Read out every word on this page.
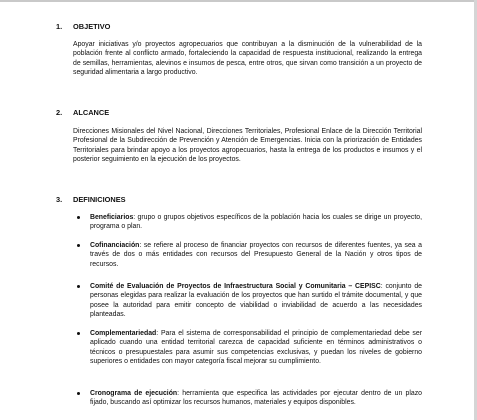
1. OBJETIVO
Apoyar iniciativas y/o proyectos agropecuarios que contribuyan a la disminución de la vulnerabilidad de la población frente al conflicto armado, fortaleciendo la capacidad de respuesta institucional, realizando la entrega de semillas, herramientas, alevinos e insumos de pesca, entre otros, que sirvan como transición a un proyecto de seguridad alimentaria a largo productivo.
2. ALCANCE
Direcciones Misionales del Nivel Nacional, Direcciones Territoriales, Profesional Enlace de la Dirección Territorial Profesional de la Subdirección de Prevención y Atención de Emergencias. Inicia con la priorización de Entidades Territoriales para brindar apoyo a los proyectos agropecuarios, hasta la entrega de los productos e insumos y el posterior seguimiento en la ejecución de los proyectos.
3. DEFINICIONES
Beneficiarios: grupo o grupos objetivos específicos de la población hacia los cuales se dirige un proyecto, programa o plan.
Cofinanciación: se refiere al proceso de financiar proyectos con recursos de diferentes fuentes, ya sea a través de dos o más entidades con recursos del Presupuesto General de la Nación y otros tipos de recursos.
Comité de Evaluación de Proyectos de Infraestructura Social y Comunitaria – CEPISC: conjunto de personas elegidas para realizar la evaluación de los proyectos que han surtido el trámite documental, y que posee la autoridad para emitir concepto de viabilidad o inviabilidad de acuerdo a las necesidades planteadas.
Complementariedad: Para el sistema de corresponsabilidad el principio de complementariedad debe ser aplicado cuando una entidad territorial carezca de capacidad suficiente en términos administrativos o técnicos o presupuestales para asumir sus competencias exclusivas, y puedan los niveles de gobierno superiores o entidades con mayor categoría fiscal mejorar su cumplimiento.
Cronograma de ejecución: herramienta que especifica las actividades por ejecutar dentro de un plazo fijado, buscando así optimizar los recursos humanos, materiales y equipos disponibles.
